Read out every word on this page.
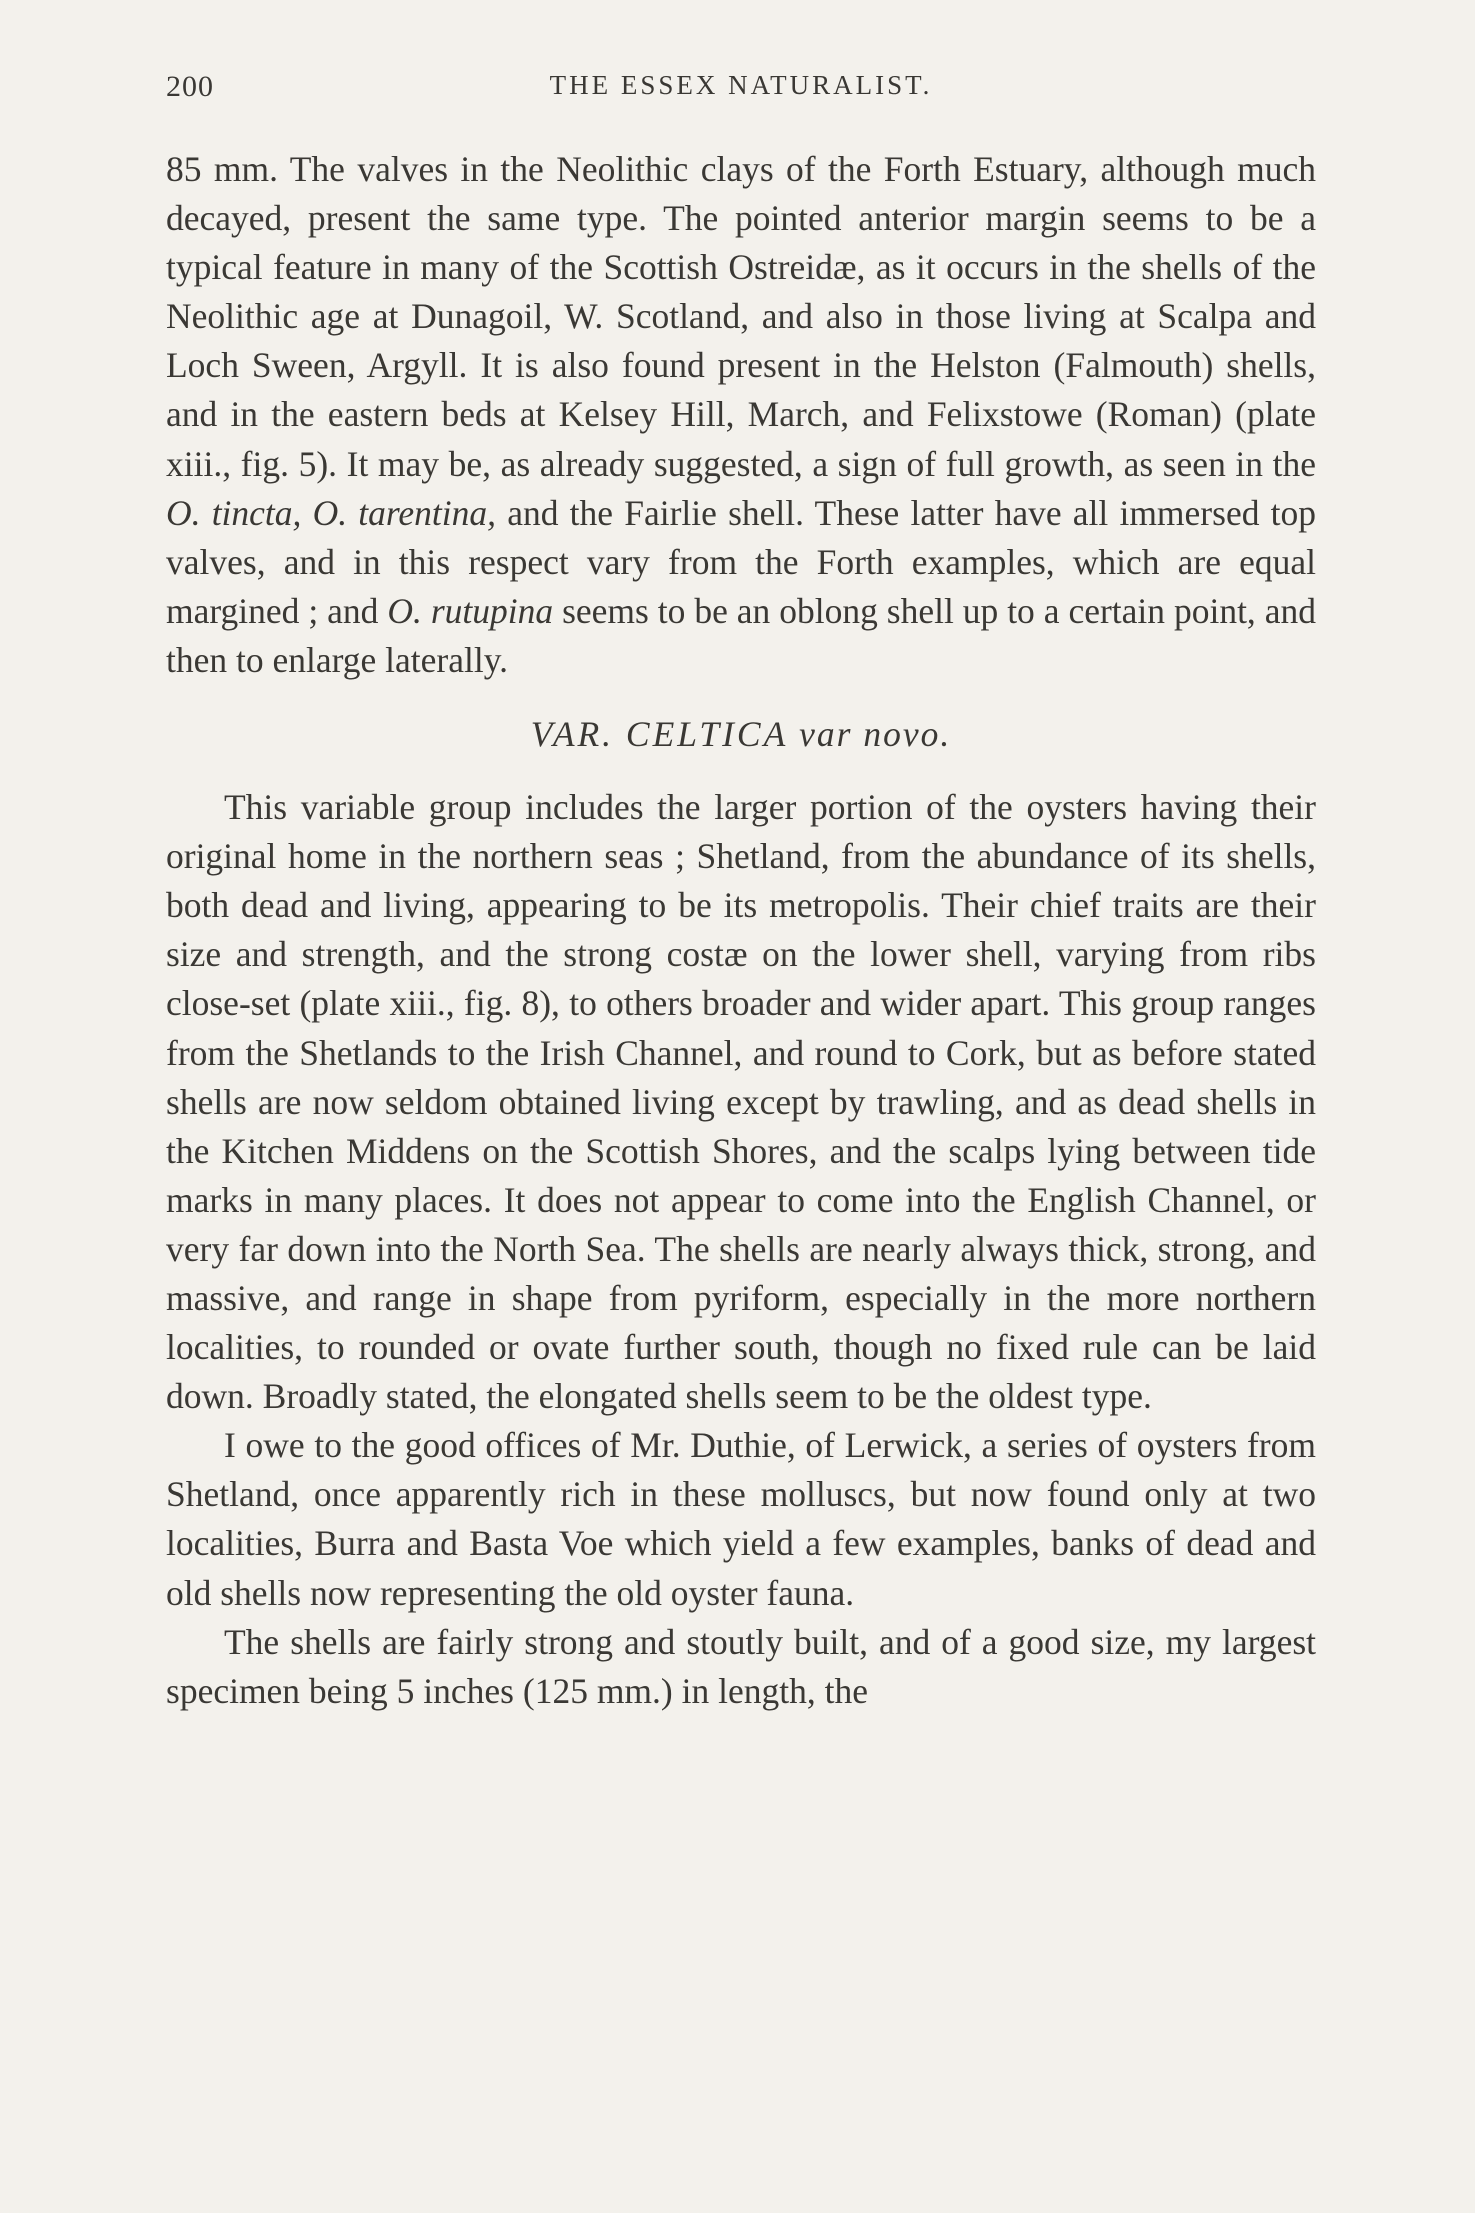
200	THE ESSEX NATURALIST.

85 mm. The valves in the Neolithic clays of the Forth Estuary, although much decayed, present the same type. The pointed anterior margin seems to be a typical feature in many of the Scottish Ostreidæ, as it occurs in the shells of the Neolithic age at Dunagoil, W. Scotland, and also in those living at Scalpa and Loch Sween, Argyll. It is also found present in the Helston (Falmouth) shells, and in the eastern beds at Kelsey Hill, March, and Felixstowe (Roman) (plate xiii., fig. 5). It may be, as already suggested, a sign of full growth, as seen in the O. tincta, O. tarentina, and the Fairlie shell. These latter have all immersed top valves, and in this respect vary from the Forth examples, which are equal margined ; and O. rutupina seems to be an oblong shell up to a certain point, and then to enlarge laterally.

VAR. CELTICA var novo.

This variable group includes the larger portion of the oysters having their original home in the northern seas ; Shetland, from the abundance of its shells, both dead and living, appearing to be its metropolis. Their chief traits are their size and strength, and the strong costæ on the lower shell, varying from ribs close-set (plate xiii., fig. 8), to others broader and wider apart. This group ranges from the Shetlands to the Irish Channel, and round to Cork, but as before stated shells are now seldom obtained living except by trawling, and as dead shells in the Kitchen Middens on the Scottish Shores, and the scalps lying between tide marks in many places. It does not appear to come into the English Channel, or very far down into the North Sea. The shells are nearly always thick, strong, and massive, and range in shape from pyriform, especially in the more northern localities, to rounded or ovate further south, though no fixed rule can be laid down. Broadly stated, the elongated shells seem to be the oldest type.

I owe to the good offices of Mr. Duthie, of Lerwick, a series of oysters from Shetland, once apparently rich in these molluscs, but now found only at two localities, Burra and Basta Voe which yield a few examples, banks of dead and old shells now representing the old oyster fauna.

The shells are fairly strong and stoutly built, and of a good size, my largest specimen being 5 inches (125 mm.) in length, the
